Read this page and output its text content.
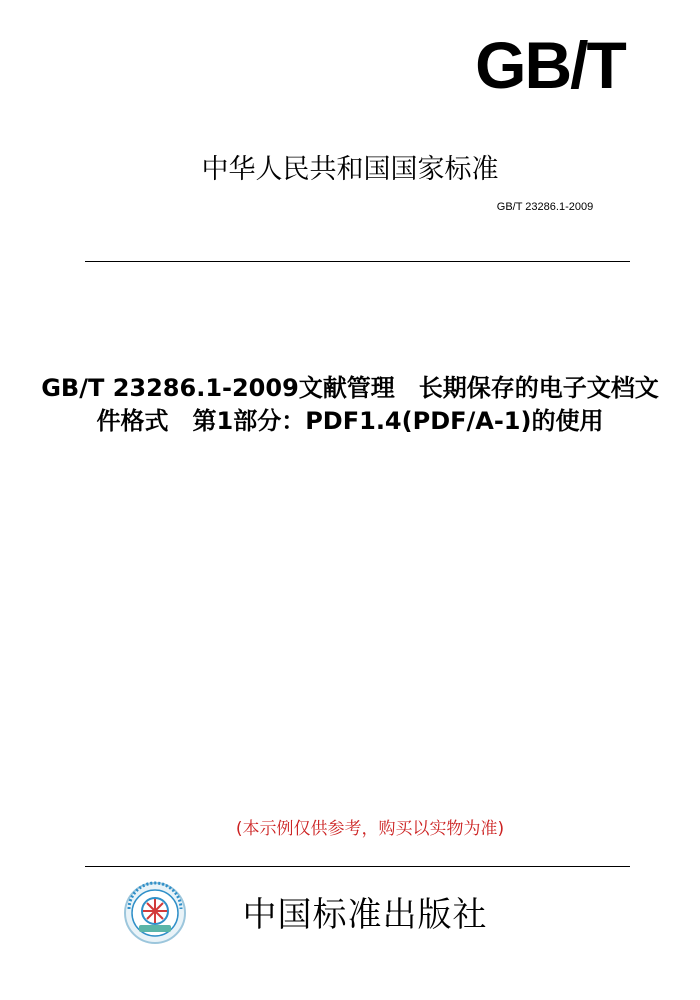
GB/T
中华人民共和国国家标准
GB/T 23286.1-2009
GB/T 23286.1-2009文献管理　长期保存的电子文档文件格式　第1部分：PDF1.4(PDF/A-1)的使用
(本示例仅供参考，购买以实物为准)
中国标准出版社
